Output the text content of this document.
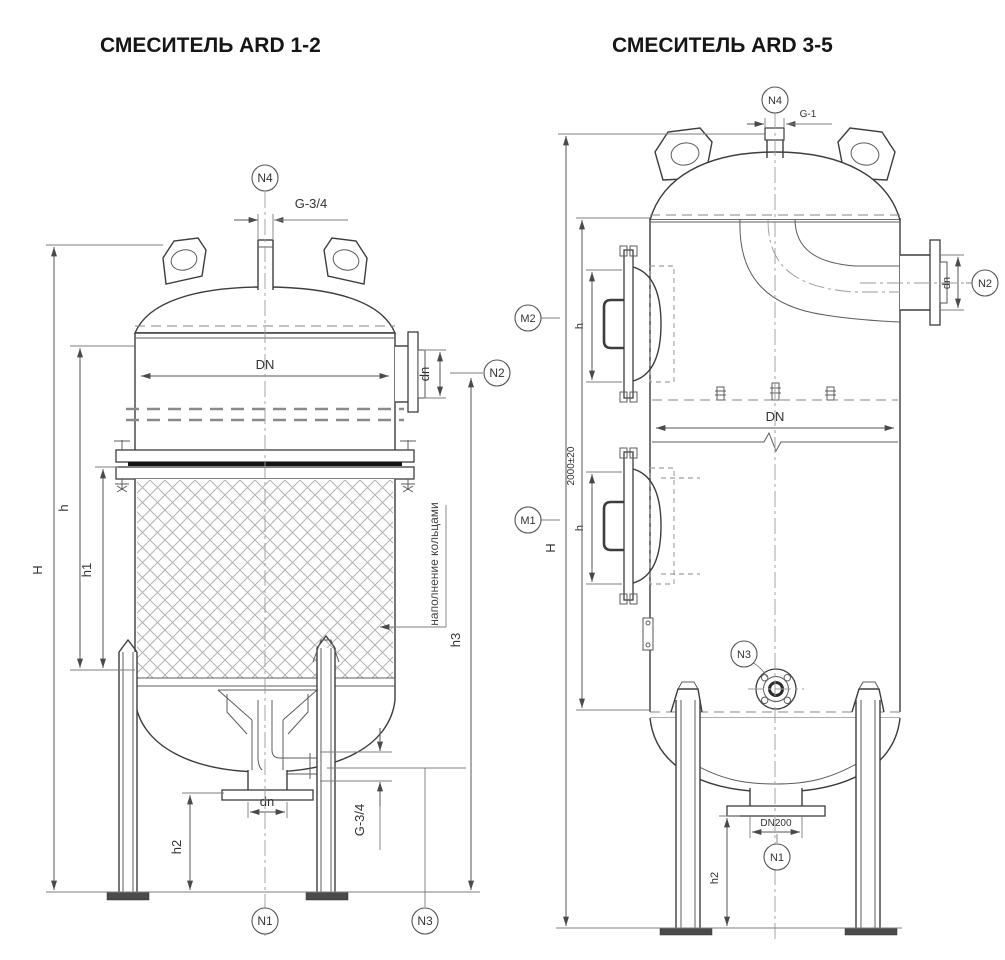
СМЕСИТЕЛЬ ARD 1-2
G-3/4
DN
dn
H
h
h1
h2
h3
dn
G-3/4
наполнение кольцами
N4
N2
N1	N3
СМЕСИТЕЛЬ ARD 3-5
G-1
dn
h
h
DN
2000±20
H
DN200
h2
N4
N2
M2
M1
N3
N1
